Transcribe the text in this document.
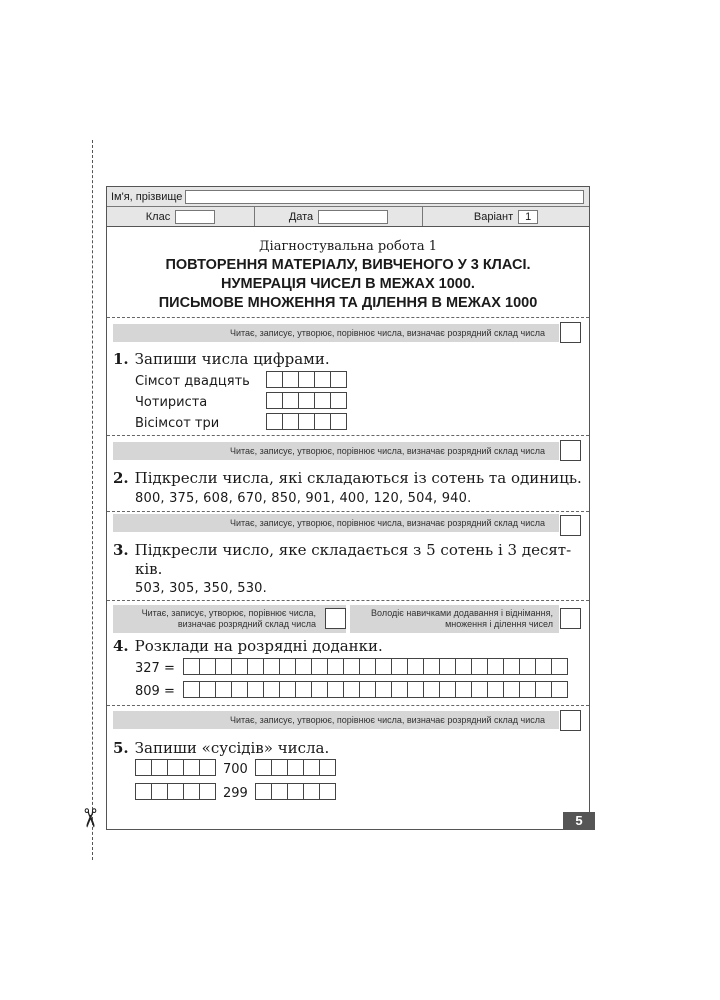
✂
Ім'я, прізвище
Клас	Дата	Варіант	1
Діагностувальна робота 1
ПОВТОРЕННЯ МАТЕРІАЛУ, ВИВЧЕНОГО У 3 КЛАСІ.
НУМЕРАЦІЯ ЧИСЕЛ В МЕЖАХ 1000.
ПИСЬМОВЕ МНОЖЕННЯ ТА ДІЛЕННЯ В МЕЖАХ 1000
Читає, записує, утворює, порівнює числа, визначає розрядний склад числа
1. Запиши числа цифрами.
Сімсот двадцять
Чотириста
Вісімсот три
Читає, записує, утворює, порівнює числа, визначає розрядний склад числа
2. Підкресли числа, які складаються із сотень та одиниць.
800, 375, 608, 670, 850, 901, 400, 120, 504, 940.
Читає, записує, утворює, порівнює числа, визначає розрядний склад числа
3. Підкресли число, яке складається з 5 сотень і 3 десят-
ків.
503, 305, 350, 530.
Читає, записує, утворює, порівнює числа,
визначає розрядний склад числа
Володіє навичками додавання і віднімання,
множення і ділення чисел
4. Розклади на розрядні доданки.
327 =
809 =
Читає, записує, утворює, порівнює числа, визначає розрядний склад числа
5. Запиши «сусідів» числа.
700
299
5
